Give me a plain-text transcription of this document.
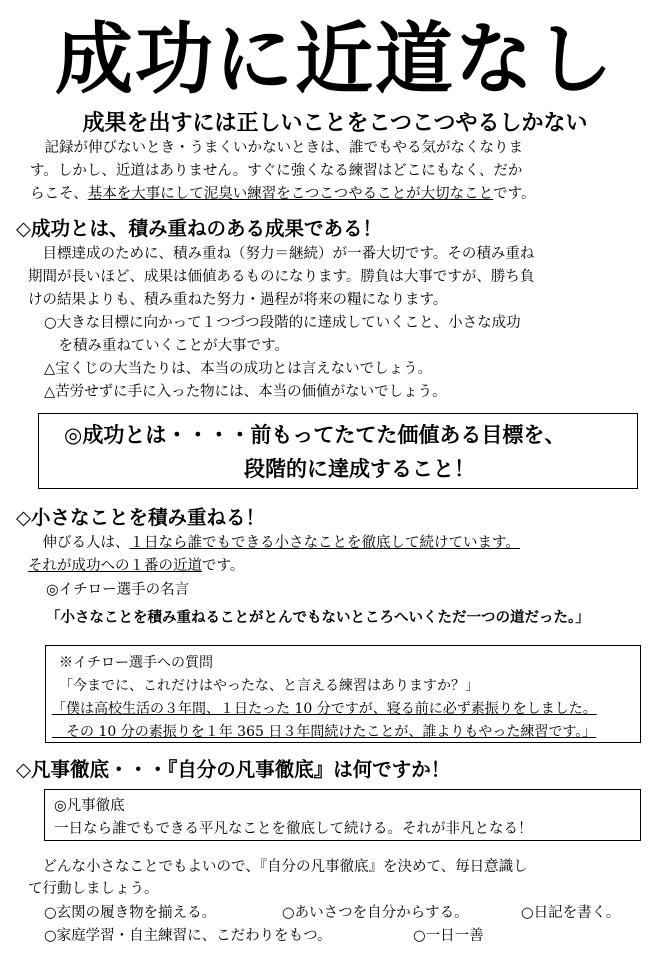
成功に近道なし
成果を出すには正しいことをこつこつやるしかない
　記録が伸びないとき・うまくいかないときは、誰でもやる気がなくなりま

す。しかし、近道はありません。すぐに強くなる練習はどこにもなく、だか
らこそ、基本を大事にして泥臭い練習をこつこつやることが大切なことです。
◇成功とは、積み重ねのある成果である！
　目標達成のために、積み重ね（努力＝継続）が一番大切です。その積み重ね
期間が長いほど、成果は価値あるものになります。勝負は大事ですが、勝ち負
けの結果よりも、積み重ねた努力・過程が将来の糧になります。
○大きな目標に向かって１つづつ段階的に達成していくこと、小さな成功
　を積み重ねていくことが大事です。
△宝くじの大当たりは、本当の成功とは言えないでしょう。
△苦労せずに手に入った物には、本当の価値がないでしょう。
◎成功とは・・・・前もってたてた価値ある目標を、
段階的に達成すること！
◇小さなことを積み重ねる！
　伸びる人は、１日なら誰でもできる小さなことを徹底して続けています。
それが成功への１番の近道です。
◎イチロー選手の名言
「小さなことを積み重ねることがとんでもないところへいくただ一つの道だった。」
※イチロー選手への質問
「今までに、これだけはやったな、と言える練習はありますか？」
「僕は高校生活の３年間、１日たった 10 分ですが、寝る前に必ず素振りをしました。
　その 10 分の素振りを１年 365 日３年間続けたことが、誰よりもやった練習です。」
◇凡事徹底・・・『自分の凡事徹底』は何ですか！
◎凡事徹底
一日なら誰でもできる平凡なことを徹底して続ける。それが非凡となる！
　どんな小さなことでもよいので、『自分の凡事徹底』を決めて、毎日意識し
て行動しましょう。
○玄関の履き物を揃える。	○あいさつを自分からする。	○日記を書く。
○家庭学習・自主練習に、こだわりをもつ。	○一日一善
